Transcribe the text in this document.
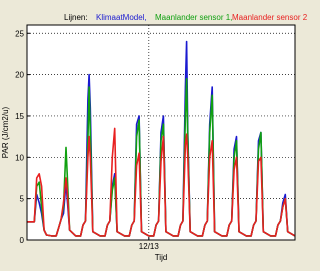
Lijnen: KlimaatModel, Maanlander sensor 1, Maanlander sensor 2
0
5
10
15
20
25
12/13
Tijd
PAR (J/cm2/u)
